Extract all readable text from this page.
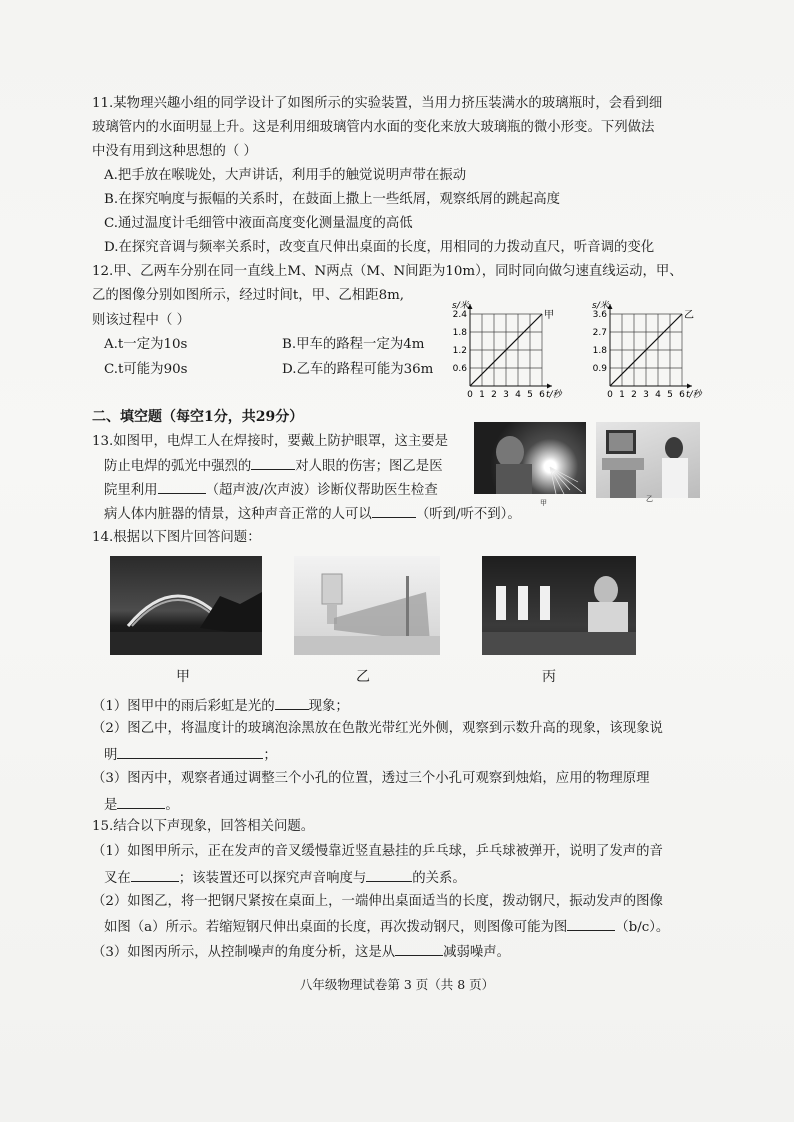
11.某物理兴趣小组的同学设计了如图所示的实验装置，当用力挤压装满水的玻璃瓶时，会看到细
玻璃管内的水面明显上升。这是利用细玻璃管内水面的变化来放大玻璃瓶的微小形变。下列做法
中没有用到这种思想的（ ）
A.把手放在喉咙处，大声讲话，利用手的触觉说明声带在振动
B.在探究响度与振幅的关系时，在鼓面上撒上一些纸屑，观察纸屑的跳起高度
C.通过温度计毛细管中液面高度变化测量温度的高低
D.在探究音调与频率关系时，改变直尺伸出桌面的长度，用相同的力拨动直尺，听音调的变化
12.甲、乙两车分别在同一直线上M、N两点（M、N间距为10m），同时同向做匀速直线运动，甲、
乙的图像分别如图所示，经过时间t，甲、乙相距8m,
则该过程中（ ）
A.t一定为10s	B.甲车的路程一定为4m
C.t可能为90s	D.乙车的路程可能为36m
0 1 2 3 4 5 6
0.6
1.2
1.8
2.4
s/米
t/秒
甲
0 1 2 3 4 5 6
0.9
1.8
2.7
3.6
s/米
t/秒
乙
二、填空题（每空1分，共29分）
13.如图甲，电焊工人在焊接时，要戴上防护眼罩，这主要是
防止电焊的弧光中强烈的	对人眼的伤害；图乙是医
院里利用	（超声波/次声波）诊断仪帮助医生检查
病人体内脏器的情景，这种声音正常的人可以	（听到/听不到）。
甲	乙
14.根据以下图片回答问题：
甲	乙	丙
（1）图甲中的雨后彩虹是光的	现象；
（2）图乙中，将温度计的玻璃泡涂黑放在色散光带红光外侧，观察到示数升高的现象，该现象说
明	；
（3）图丙中，观察者通过调整三个小孔的位置，透过三个小孔可观察到烛焰，应用的物理原理
是	。
15.结合以下声现象，回答相关问题。
（1）如图甲所示，正在发声的音叉缓慢靠近竖直悬挂的乒乓球，乒乓球被弹开，说明了发声的音
叉在	；该装置还可以探究声音响度与	的关系。
（2）如图乙，将一把钢尺紧按在桌面上，一端伸出桌面适当的长度，拨动钢尺，振动发声的图像
如图（a）所示。若缩短钢尺伸出桌面的长度，再次拨动钢尺，则图像可能为图	（b/c）。
（3）如图丙所示，从控制噪声的角度分析，这是从	减弱噪声。
八年级物理试卷第 3 页（共 8 页）
